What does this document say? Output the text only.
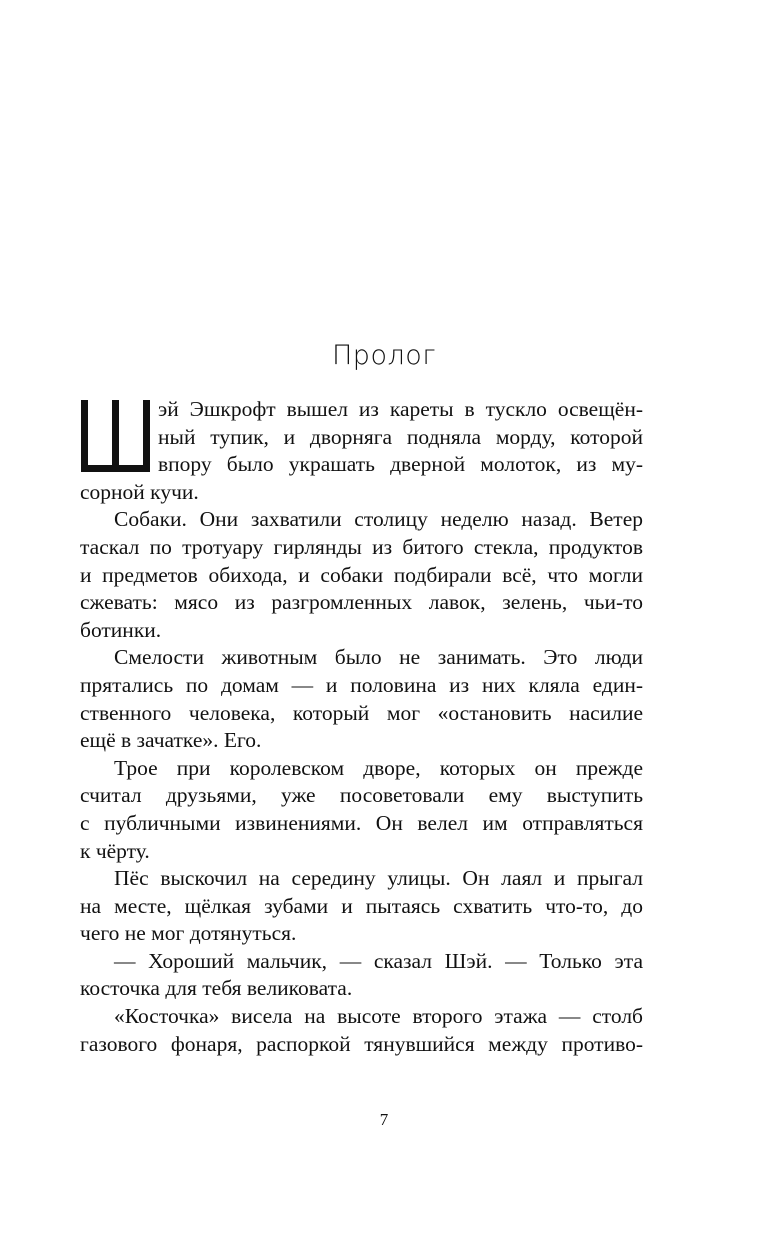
Пролог
эй Эшкрофт вышел из кареты в тускло освещён-
ный тупик, и дворняга подняла морду, которой
впору было украшать дверной молоток, из му-
сорной кучи.
Собаки. Они захватили столицу неделю назад. Ветер
таскал по тротуару гирлянды из битого стекла, продуктов
и предметов обихода, и собаки подбирали всё, что могли
сжевать: мясо из разгромленных лавок, зелень, чьи-то
ботинки.
Смелости животным было не занимать. Это люди
прятались по домам — и половина из них кляла един-
ственного человека, который мог «остановить насилие
ещё в зачатке». Его.
Трое при королевском дворе, которых он прежде
считал друзьями, уже посоветовали ему выступить
с публичными извинениями. Он велел им отправляться
к чёрту.
Пёс выскочил на середину улицы. Он лаял и прыгал
на месте, щёлкая зубами и пытаясь схватить что-то, до
чего не мог дотянуться.
— Хороший мальчик, — сказал Шэй. — Только эта
косточка для тебя великовата.
«Косточка» висела на высоте второго этажа — столб
газового фонаря, распоркой тянувшийся между противо-
7
